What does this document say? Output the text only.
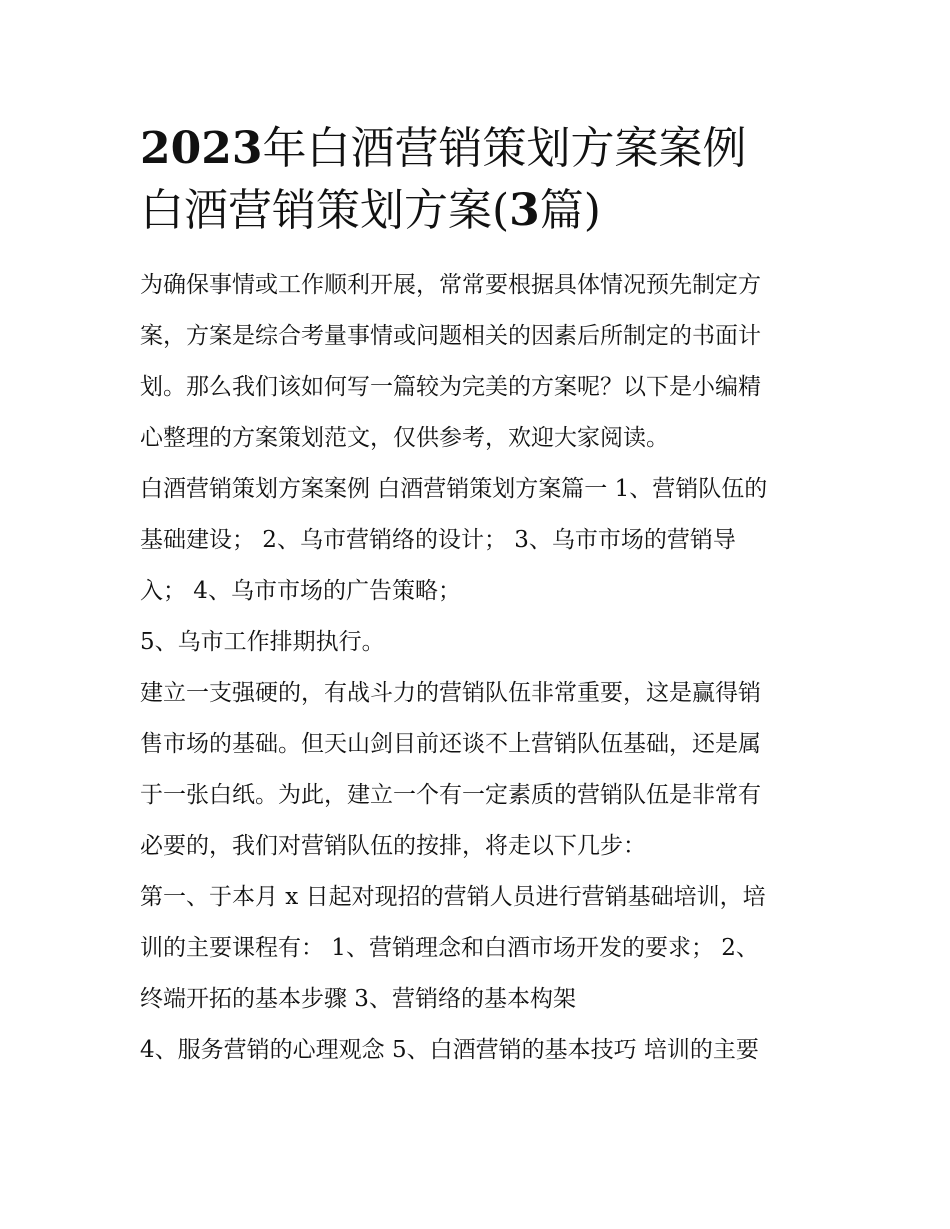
2023年白酒营销策划方案案例
白酒营销策划方案(3篇)

为确保事情或工作顺利开展，常常要根据具体情况预先制定方
案，方案是综合考量事情或问题相关的因素后所制定的书面计
划。那么我们该如何写一篇较为完美的方案呢？以下是小编精
心整理的方案策划范文，仅供参考，欢迎大家阅读。

白酒营销策划方案案例 白酒营销策划方案篇一 1、营销队伍的
基础建设； 2、乌市营销络的设计； 3、乌市市场的营销导
入； 4、乌市市场的广告策略；

5、乌市工作排期执行。

建立一支强硬的，有战斗力的营销队伍非常重要，这是赢得销
售市场的基础。但天山剑目前还谈不上营销队伍基础，还是属
于一张白纸。为此，建立一个有一定素质的营销队伍是非常有
必要的，我们对营销队伍的按排，将走以下几步：

第一、于本月 x 日起对现招的营销人员进行营销基础培训，培
训的主要课程有： 1、营销理念和白酒市场开发的要求； 2、
终端开拓的基本步骤 3、营销络的基本构架

4、服务营销的心理观念 5、白酒营销的基本技巧 培训的主要
